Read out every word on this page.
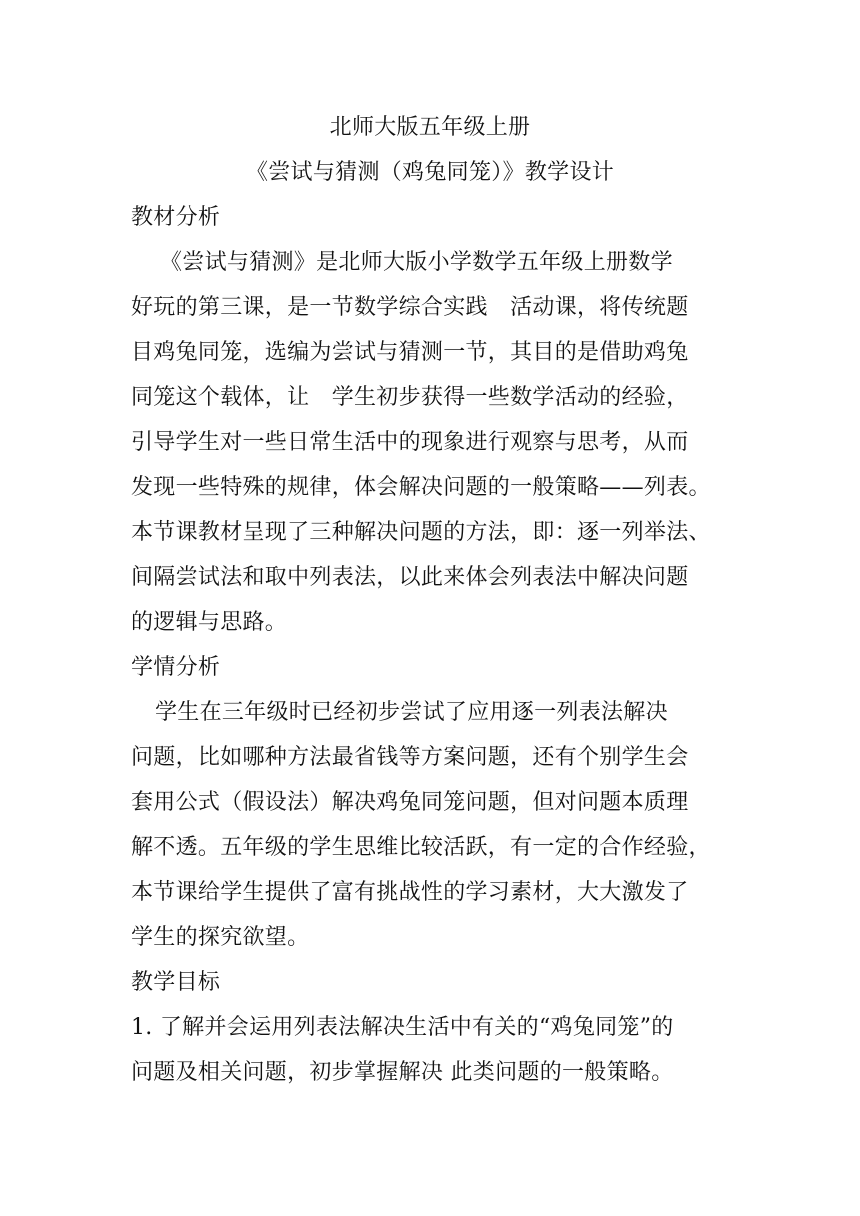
北师大版五年级上册
《尝试与猜测（鸡兔同笼）》教学设计
教材分析
《尝试与猜测》是北师大版小学数学五年级上册数学
好玩的第三课，是一节数学综合实践　活动课，将传统题
目鸡兔同笼，选编为尝试与猜测一节，其目的是借助鸡兔
同笼这个载体，让　学生初步获得一些数学活动的经验，
引导学生对一些日常生活中的现象进行观察与思考，从而
发现一些特殊的规律，体会解决问题的一般策略——列表。
本节课教材呈现了三种解决问题的方法，即：逐一列举法、
间隔尝试法和取中列表法，以此来体会列表法中解决问题
的逻辑与思路。
学情分析
学生在三年级时已经初步尝试了应用逐一列表法解决
问题，比如哪种方法最省钱等方案问题，还有个别学生会
套用公式（假设法）解决鸡兔同笼问题，但对问题本质理
解不透。五年级的学生思维比较活跃，有一定的合作经验，
本节课给学生提供了富有挑战性的学习素材，大大激发了
学生的探究欲望。
教学目标
1. 了解并会运用列表法解决生活中有关的“鸡兔同笼”的
问题及相关问题，初步掌握解决 此类问题的一般策略。
